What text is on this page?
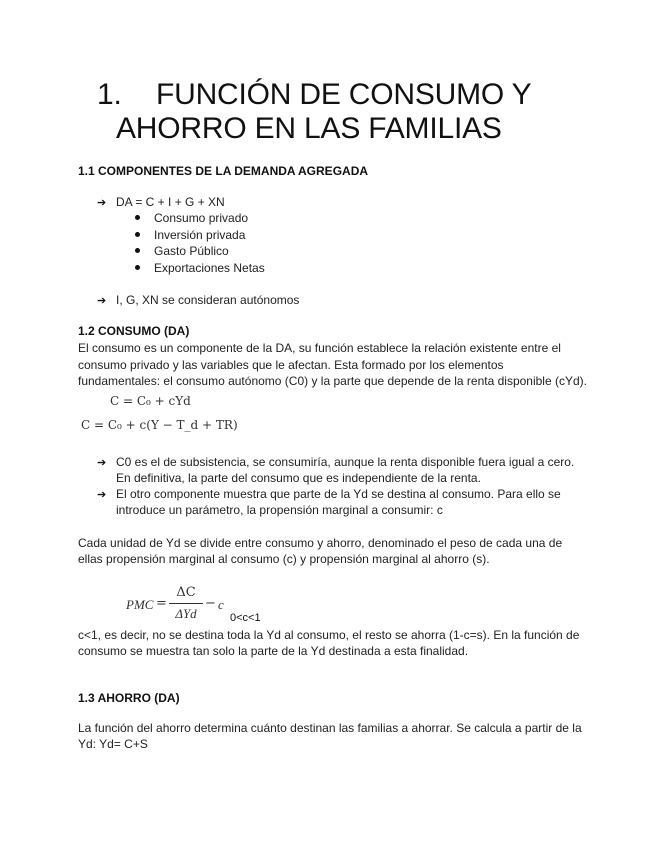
1. FUNCIÓN DE CONSUMO Y
AHORRO EN LAS FAMILIAS
1.1 COMPONENTES DE LA DEMANDA AGREGADA
➔ DA = C + I + G + XN
Consumo privado
Inversión privada
Gasto Público
Exportaciones Netas
➔ I, G, XN se consideran autónomos
1.2 CONSUMO (DA)
El consumo es un componente de la DA, su función establece la relación existente entre el
consumo privado y las variables que le afectan. Esta formado por los elementos
fundamentales: el consumo autónomo (C0) y la parte que depende de la renta disponible (cYd).
C = C₀ + cYd
C = C₀ + c(Y − T_d + TR)
➔ C0 es el de subsistencia, se consumiría, aunque la renta disponible fuera igual a cero.
En definitiva, la parte del consumo que es independiente de la renta.
➔ El otro componente muestra que parte de la Yd se destina al consumo. Para ello se
introduce un parámetro, la propensión marginal a consumir: c
Cada unidad de Yd se divide entre consumo y ahorro, denominado el peso de cada una de
ellas propensión marginal al consumo (c) y propensión marginal al ahorro (s).
PMC =
ΔC
ΔYd
− c
0<c<1
c<1, es decir, no se destina toda la Yd al consumo, el resto se ahorra (1-c=s). En la función de
consumo se muestra tan solo la parte de la Yd destinada a esta finalidad.
1.3 AHORRO (DA)
La función del ahorro determina cuánto destinan las familias a ahorrar. Se calcula a partir de la
Yd: Yd= C+S
